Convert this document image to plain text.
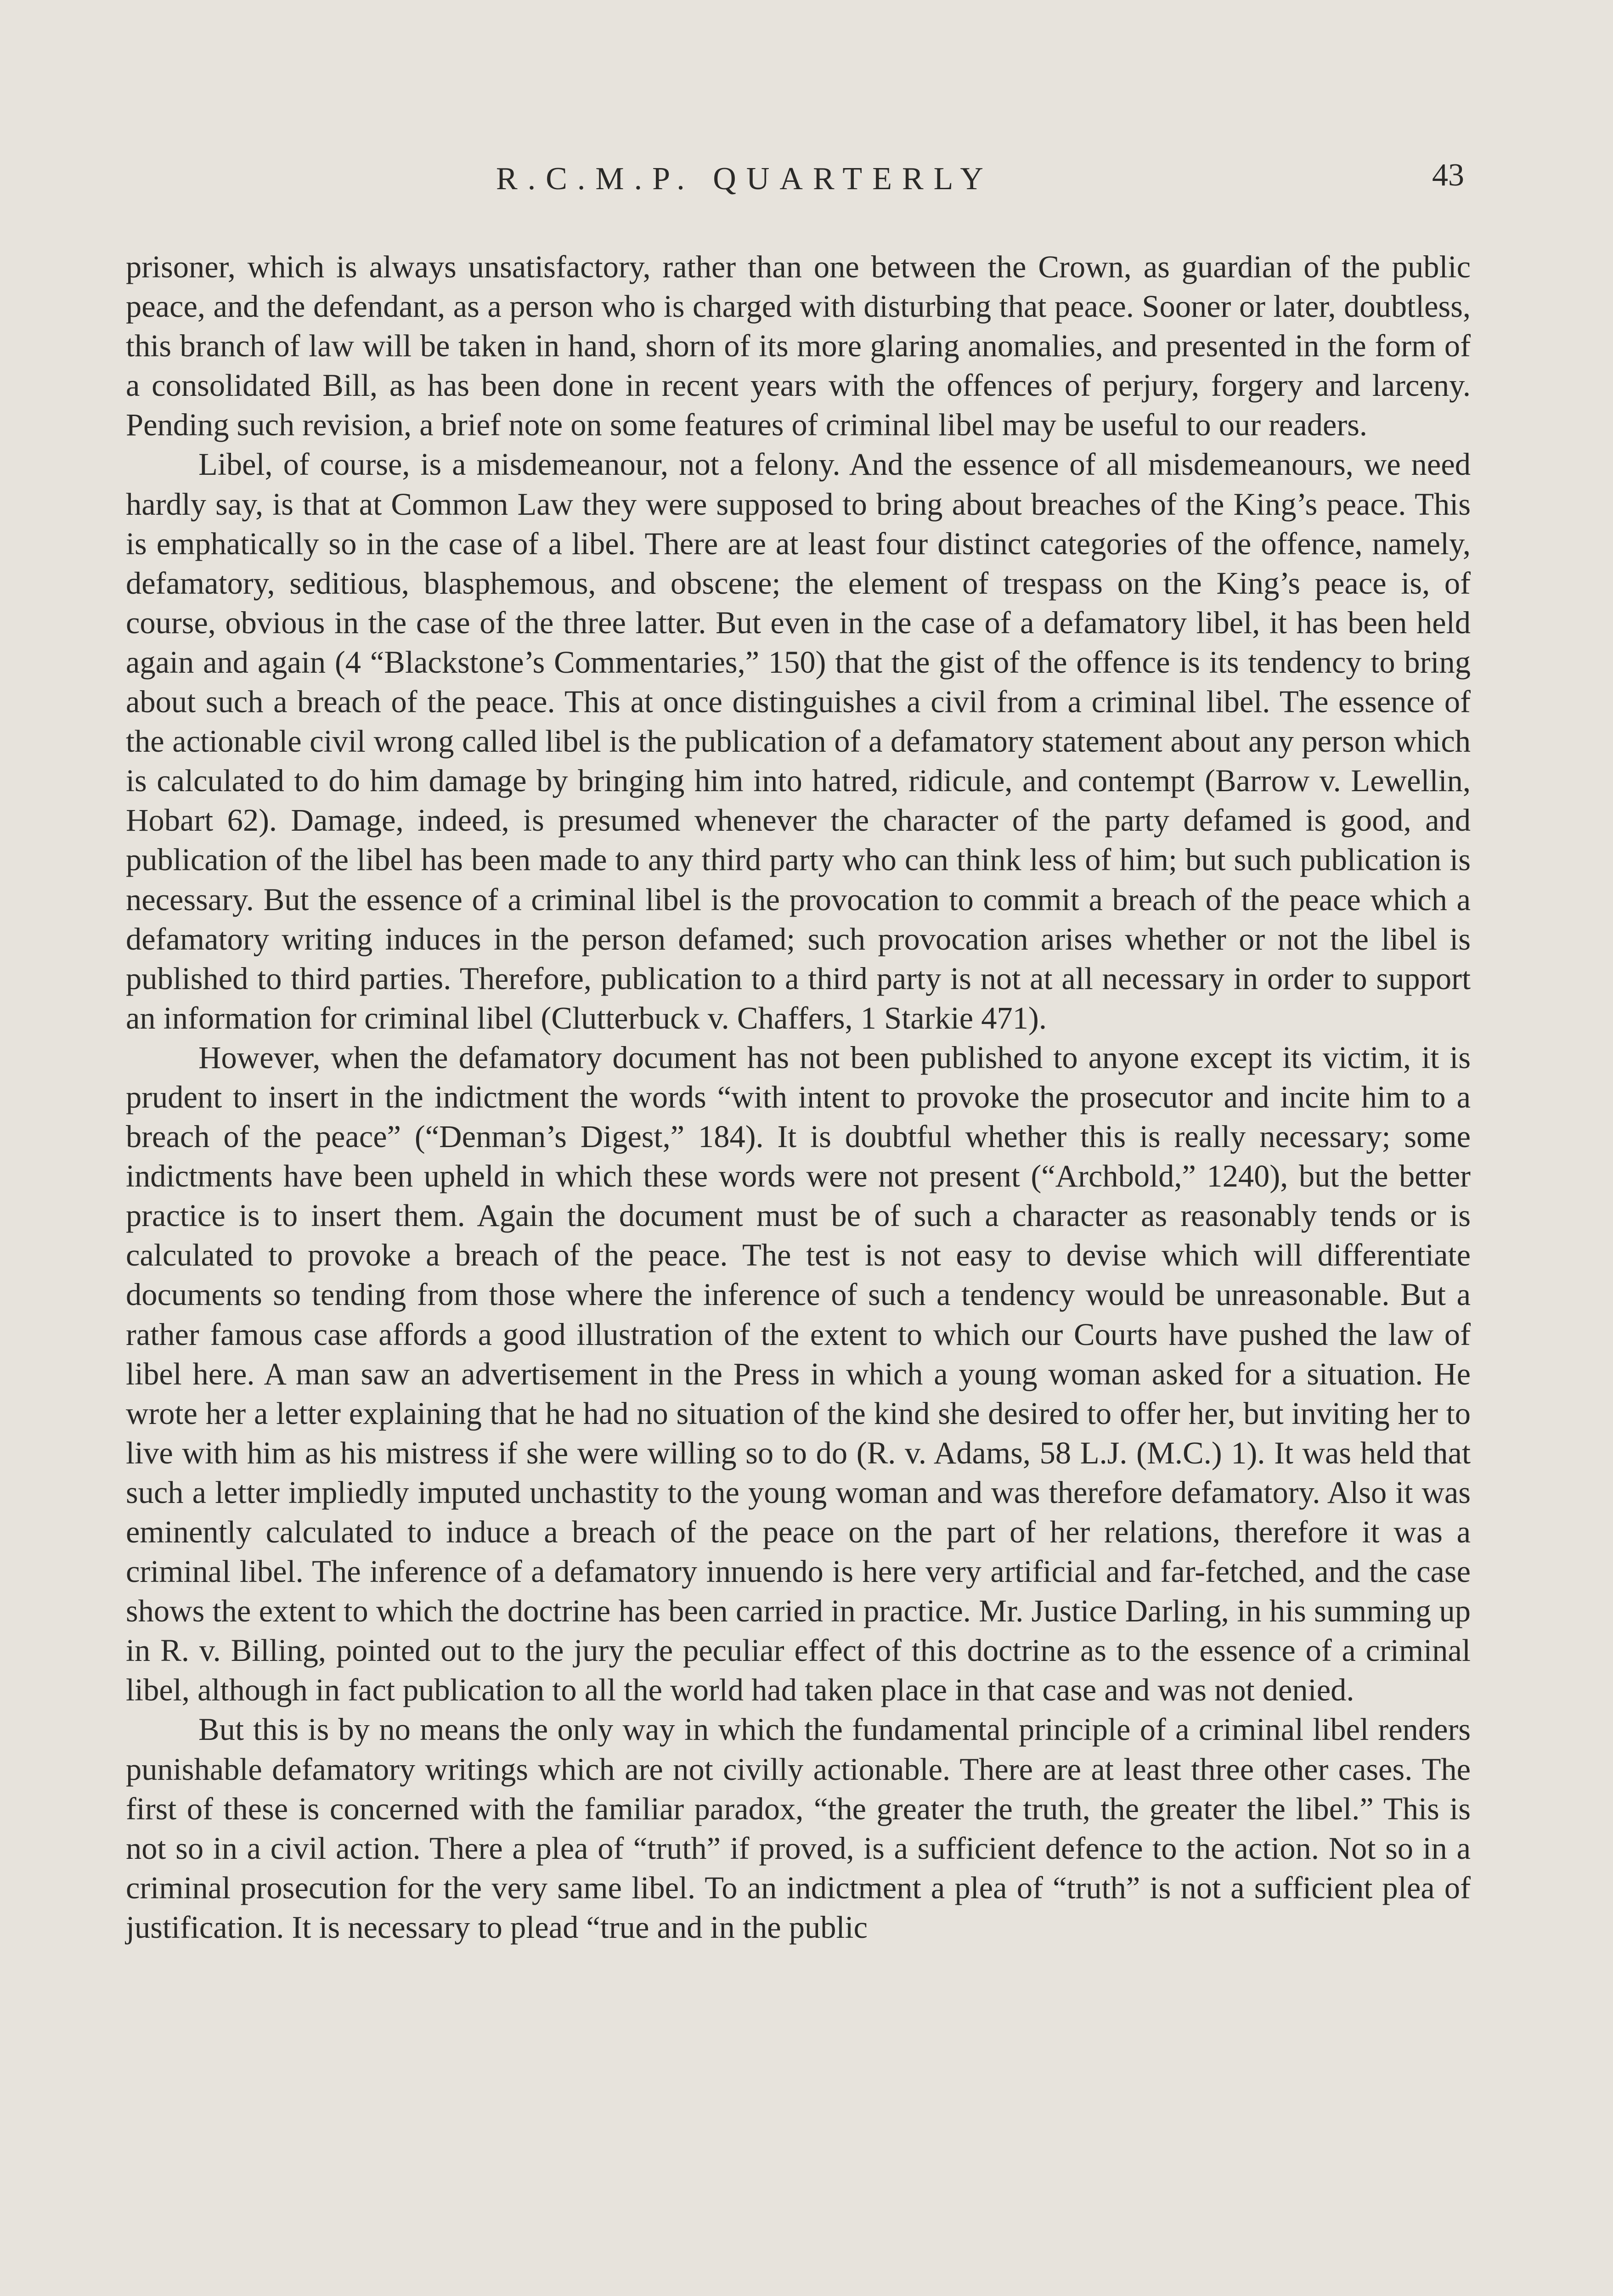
R.C.M.P. QUARTERLY	43

prisoner, which is always unsatisfactory, rather than one between the Crown, as guardian of the public peace, and the defendant, as a person who is charged with disturbing that peace. Sooner or later, doubtless, this branch of law will be taken in hand, shorn of its more glaring anomalies, and presented in the form of a consolidated Bill, as has been done in recent years with the offences of perjury, forgery and larceny. Pending such revision, a brief note on some features of criminal libel may be useful to our readers.

Libel, of course, is a misdemeanour, not a felony. And the essence of all misdemeanours, we need hardly say, is that at Common Law they were supposed to bring about breaches of the King’s peace. This is emphatically so in the case of a libel. There are at least four distinct categories of the offence, namely, defamatory, seditious, blasphemous, and obscene; the element of trespass on the King’s peace is, of course, obvious in the case of the three latter. But even in the case of a defamatory libel, it has been held again and again (4 “Blackstone’s Commentaries,” 150) that the gist of the offence is its tendency to bring about such a breach of the peace. This at once distinguishes a civil from a criminal libel. The essence of the actionable civil wrong called libel is the publication of a defamatory statement about any person which is calculated to do him damage by bringing him into hatred, ridicule, and contempt (Barrow v. Lewellin, Hobart 62). Damage, indeed, is presumed whenever the character of the party defamed is good, and publication of the libel has been made to any third party who can think less of him; but such publication is necessary. But the essence of a criminal libel is the provocation to commit a breach of the peace which a defamatory writing induces in the person defamed; such provocation arises whether or not the libel is published to third parties. Therefore, publication to a third party is not at all necessary in order to support an information for criminal libel (Clutterbuck v. Chaffers, 1 Starkie 471).

However, when the defamatory document has not been published to anyone except its victim, it is prudent to insert in the indictment the words “with intent to provoke the prosecutor and incite him to a breach of the peace” (“Denman’s Digest,” 184). It is doubtful whether this is really necessary; some indictments have been upheld in which these words were not present (“Archbold,” 1240), but the better practice is to insert them. Again the document must be of such a character as reasonably tends or is calculated to provoke a breach of the peace. The test is not easy to devise which will differentiate documents so tending from those where the inference of such a tendency would be unreasonable. But a rather famous case affords a good illustration of the extent to which our Courts have pushed the law of libel here. A man saw an advertisement in the Press in which a young woman asked for a situation. He wrote her a letter explaining that he had no situation of the kind she desired to offer her, but inviting her to live with him as his mistress if she were willing so to do (R. v. Adams, 58 L.J. (M.C.) 1). It was held that such a letter impliedly imputed unchastity to the young woman and was therefore defamatory. Also it was eminently calculated to induce a breach of the peace on the part of her relations, therefore it was a criminal libel. The inference of a defamatory innuendo is here very artificial and far-fetched, and the case shows the extent to which the doctrine has been carried in practice. Mr. Justice Darling, in his summing up in R. v. Billing, pointed out to the jury the peculiar effect of this doctrine as to the essence of a criminal libel, although in fact publication to all the world had taken place in that case and was not denied.

But this is by no means the only way in which the fundamental principle of a criminal libel renders punishable defamatory writings which are not civilly actionable. There are at least three other cases. The first of these is concerned with the familiar paradox, “the greater the truth, the greater the libel.” This is not so in a civil action. There a plea of “truth” if proved, is a sufficient defence to the action. Not so in a criminal prosecution for the very same libel. To an indictment a plea of “truth” is not a sufficient plea of justification. It is necessary to plead “true and in the public
